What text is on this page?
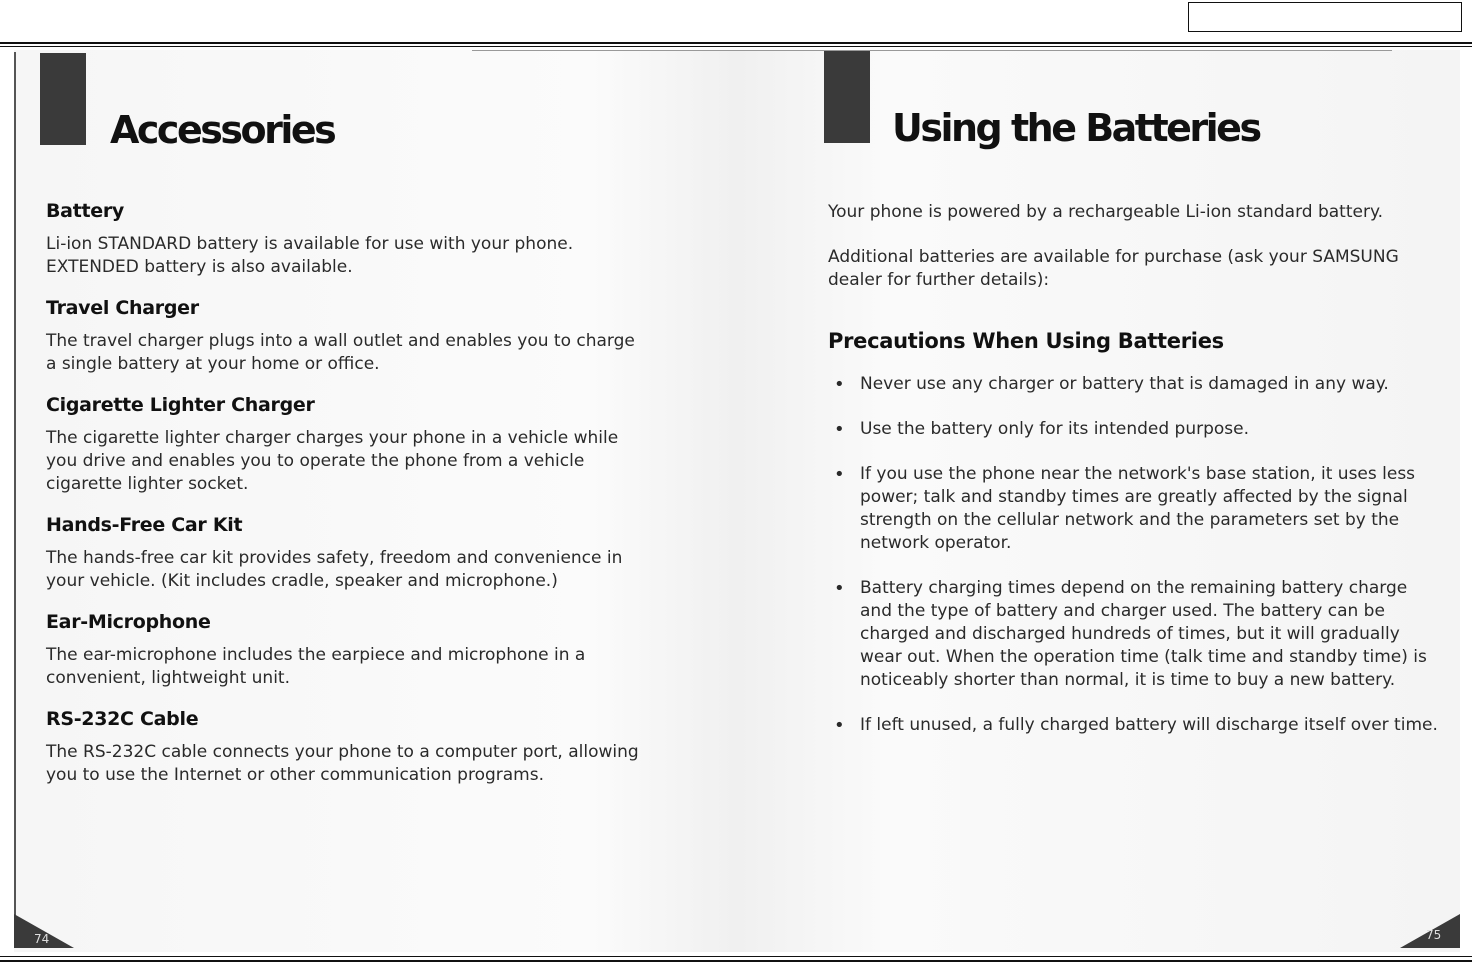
Accessories
Battery

Li-ion STANDARD battery is available for use with your phone. EXTENDED battery is also available.

Travel Charger

The travel charger plugs into a wall outlet and enables you to charge a single battery at your home or office.

Cigarette Lighter Charger

The cigarette lighter charger charges your phone in a vehicle while you drive and enables you to operate the phone from a vehicle cigarette lighter socket.

Hands-Free Car Kit

The hands-free car kit provides safety, freedom and convenience in your vehicle. (Kit includes cradle, speaker and microphone.)

Ear-Microphone

The ear-microphone includes the earpiece and microphone in a convenient, lightweight unit.

RS-232C Cable

The RS-232C cable connects your phone to a computer port, allowing you to use the Internet or other communication programs.

74
Using the Batteries

Your phone is powered by a rechargeable Li-ion standard battery.

Additional batteries are available for purchase (ask your SAMSUNG dealer for further details):

Precautions When Using Batteries
• Never use any charger or battery that is damaged in any way.
• Use the battery only for its intended purpose.
• If you use the phone near the network's base station, it uses less power; talk and standby times are greatly affected by the signal strength on the cellular network and the parameters set by the network operator.
• Battery charging times depend on the remaining battery charge and the type of battery and charger used. The battery can be charged and discharged hundreds of times, but it will gradually wear out. When the operation time (talk time and standby time) is noticeably shorter than normal, it is time to buy a new battery.
• If left unused, a fully charged battery will discharge itself over time.
75
